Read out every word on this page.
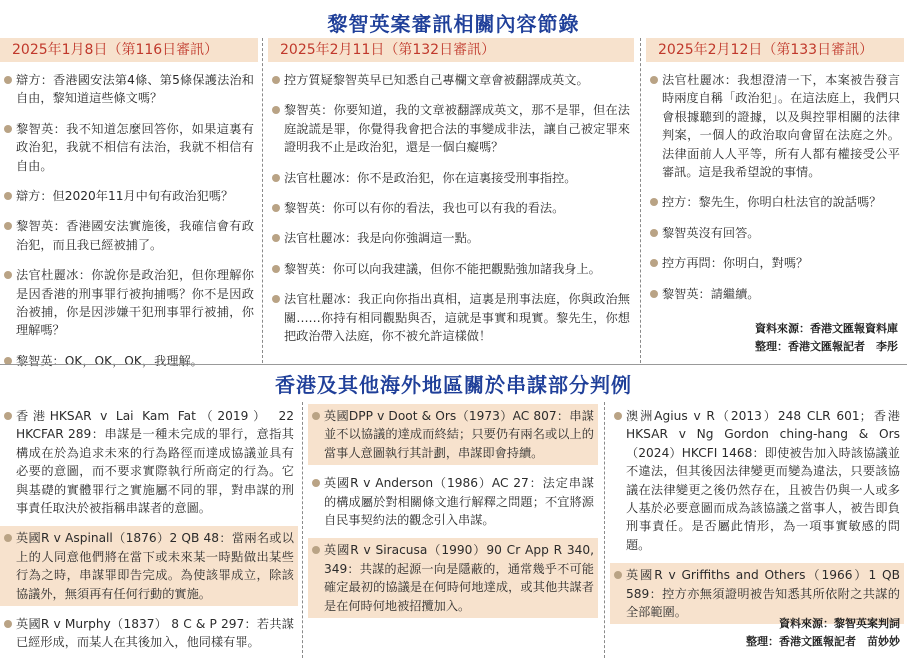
黎智英案審訊相關內容節錄
2025年1月8日（第116日審訊）
辯方：香港國安法第4條、第5條保護法治和自由，黎知道這些條文嗎？
黎智英：我不知道怎麼回答你，如果這裏有政治犯，我就不相信有法治，我就不相信有自由。
辯方：但2020年11月中旬有政治犯嗎？
黎智英：香港國安法實施後，我確信會有政治犯，而且我已經被捕了。
法官杜麗冰：你說你是政治犯，但你理解你是因香港的刑事罪行被拘捕嗎？你不是因政治被捕，你是因涉嫌干犯刑事罪行被捕，你理解嗎？
黎智英：OK，OK，OK，我理解。
2025年2月11日（第132日審訊）
控方質疑黎智英早已知悉自己專欄文章會被翻譯成英文。
黎智英：你要知道，我的文章被翻譯成英文，那不是罪，但在法庭說謊是罪，你覺得我會把合法的事變成非法，讓自己被定罪來證明我不止是政治犯，還是一個白癡嗎？
法官杜麗冰：你不是政治犯，你在這裏接受刑事指控。
黎智英：你可以有你的看法，我也可以有我的看法。
法官杜麗冰：我是向你強調這一點。
黎智英：你可以向我建議，但你不能把觀點強加諸我身上。
法官杜麗冰：我正向你指出真相，這裏是刑事法庭，你與政治無關……你持有相同觀點與否，這就是事實和現實。黎先生，你想把政治帶入法庭，你不被允許這樣做！
2025年2月12日（第133日審訊）
法官杜麗冰：我想澄清一下，本案被告發言時兩度自稱「政治犯」。在這法庭上，我們只會根據聽到的證據，以及與控罪相關的法律判案，一個人的政治取向會留在法庭之外。法律面前人人平等，所有人都有權接受公平審訊。這是我希望說的事情。
控方：黎先生，你明白杜法官的說話嗎？
黎智英沒有回答。
控方再問：你明白，對嗎？
黎智英：請繼續。
資料來源：香港文匯報資料庫
整理：香港文匯報記者　李彤
香港及其他海外地區關於串謀部分判例
香港HKSAR v Lai Kam Fat（2019） 22 HKCFAR 289：串謀是一種未完成的罪行，意指其構成在於為追求未來的行為路徑而達成協議並具有必要的意圖，而不要求實際執行所商定的行為。它與基礎的實體罪行之實施屬不同的罪，對串謀的刑事責任取決於被指稱串謀者的意圖。
英國R v Aspinall（1876）2 QB 48：當兩名或以上的人同意他們將在當下或未來某一時點做出某些行為之時，串謀罪即告完成。為使該罪成立，除該協議外，無須再有任何行動的實施。
英國R v Murphy（1837） 8 C & P 297：若共謀已經形成，而某人在其後加入，他同樣有罪。
英國DPP v Doot & Ors（1973）AC 807：串謀並不以協議的達成而終結；只要仍有兩名或以上的當事人意圖執行其計劃，串謀即會持續。
英國R v Anderson（1986）AC 27：法定串謀的構成屬於對相關條文進行解釋之問題；不宜將源自民事契約法的觀念引入串謀。
英國R v Siracusa（1990）90 Cr App R 340, 349：共謀的起源一向是隱蔽的，通常幾乎不可能確定最初的協議是在何時何地達成，或其他共謀者是在何時何地被招攬加入。
澳洲Agius v R（2013）248 CLR 601；香港HKSAR v Ng Gordon ching-hang & Ors（2024）HKCFI 1468：即使被告加入時該協議並不違法，但其後因法律變更而變為違法，只要該協議在法律變更之後仍然存在，且被告仍與一人或多人基於必要意圖而成為該協議之當事人，被告即負刑事責任。是否屬此情形，為一項事實敏感的問題。
英國R v Griffiths and Others（1966）1 QB 589：控方亦無須證明被告知悉其所依附之共謀的全部範圍。
資料來源：黎智英案判詞
整理：香港文匯報記者　苗妙妙
